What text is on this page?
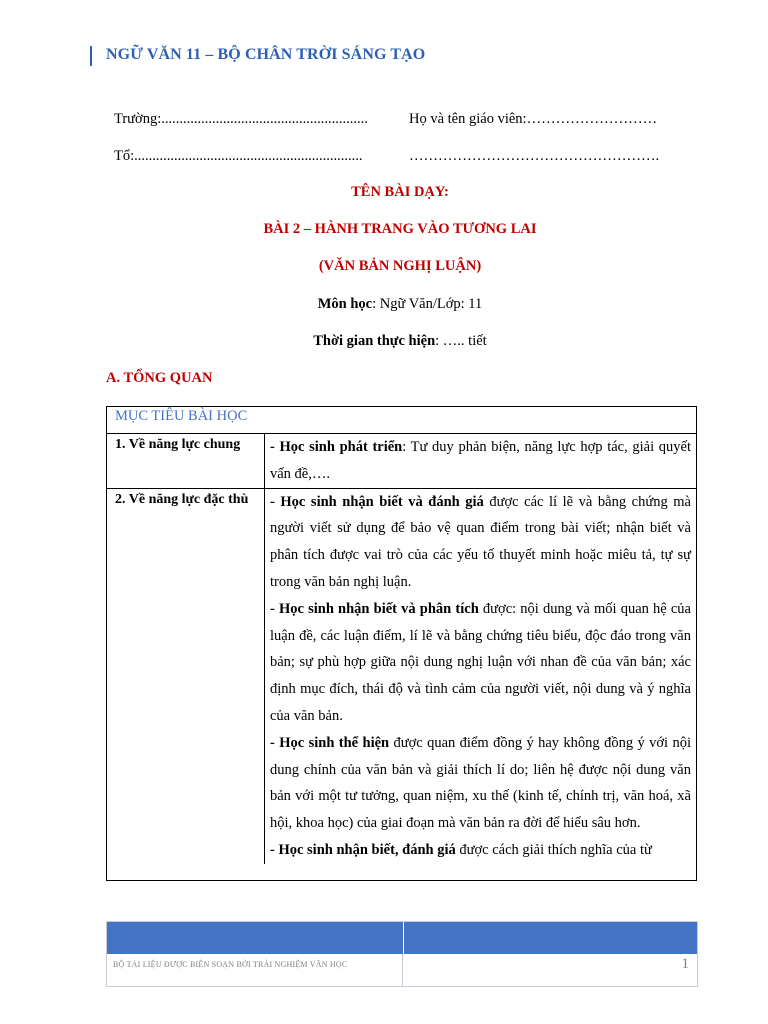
NGỮ VĂN 11 – BỘ CHÂN TRỜI SÁNG TẠO
Trường:.........................................................	Họ và tên giáo viên:………………………
Tổ:...............................................................	…………………………………………….
TÊN BÀI DẠY:
BÀI 2 – HÀNH TRANG VÀO TƯƠNG LAI
(VĂN BẢN NGHỊ LUẬN)
Môn học: Ngữ Văn/Lớp: 11
Thời gian thực hiện: ….. tiết
A. TỔNG QUAN
MỤC TIÊU BÀI HỌC
1. Về năng lực chung	- Học sinh phát triển: Tư duy phản biện, năng lực hợp tác, giải quyết vấn đề,….

2. Về năng lực đặc thù	- Học sinh nhận biết và đánh giá được các lí lẽ và bằng chứng mà người viết sử dụng để bảo vệ quan điểm trong bài viết; nhận biết và phân tích được vai trò của các yếu tố thuyết minh hoặc miêu tả, tự sự trong văn bản nghị luận.

- Học sinh nhận biết và phân tích được: nội dung và mối quan hệ của luận đề, các luận điểm, lí lẽ và bằng chứng tiêu biểu, độc đáo trong văn bản; sự phù hợp giữa nội dung nghị luận với nhan đề của văn bản; xác định mục đích, thái độ và tình cảm của người viết, nội dung và ý nghĩa của văn bản.

- Học sinh thể hiện được quan điểm đồng ý hay không đồng ý với nội dung chính của văn bản và giải thích lí do; liên hệ được nội dung văn bản với một tư tưởng, quan niệm, xu thế (kinh tế, chính trị, văn hoá, xã hội, khoa học) của giai đoạn mà văn bản ra đời để hiểu sâu hơn.

- Học sinh nhận biết, đánh giá được cách giải thích nghĩa của từ

BỘ TÀI LIỆU ĐƯỢC BIÊN SOẠN BỞI TRẢI NGHIỆM VĂN HỌC	1
